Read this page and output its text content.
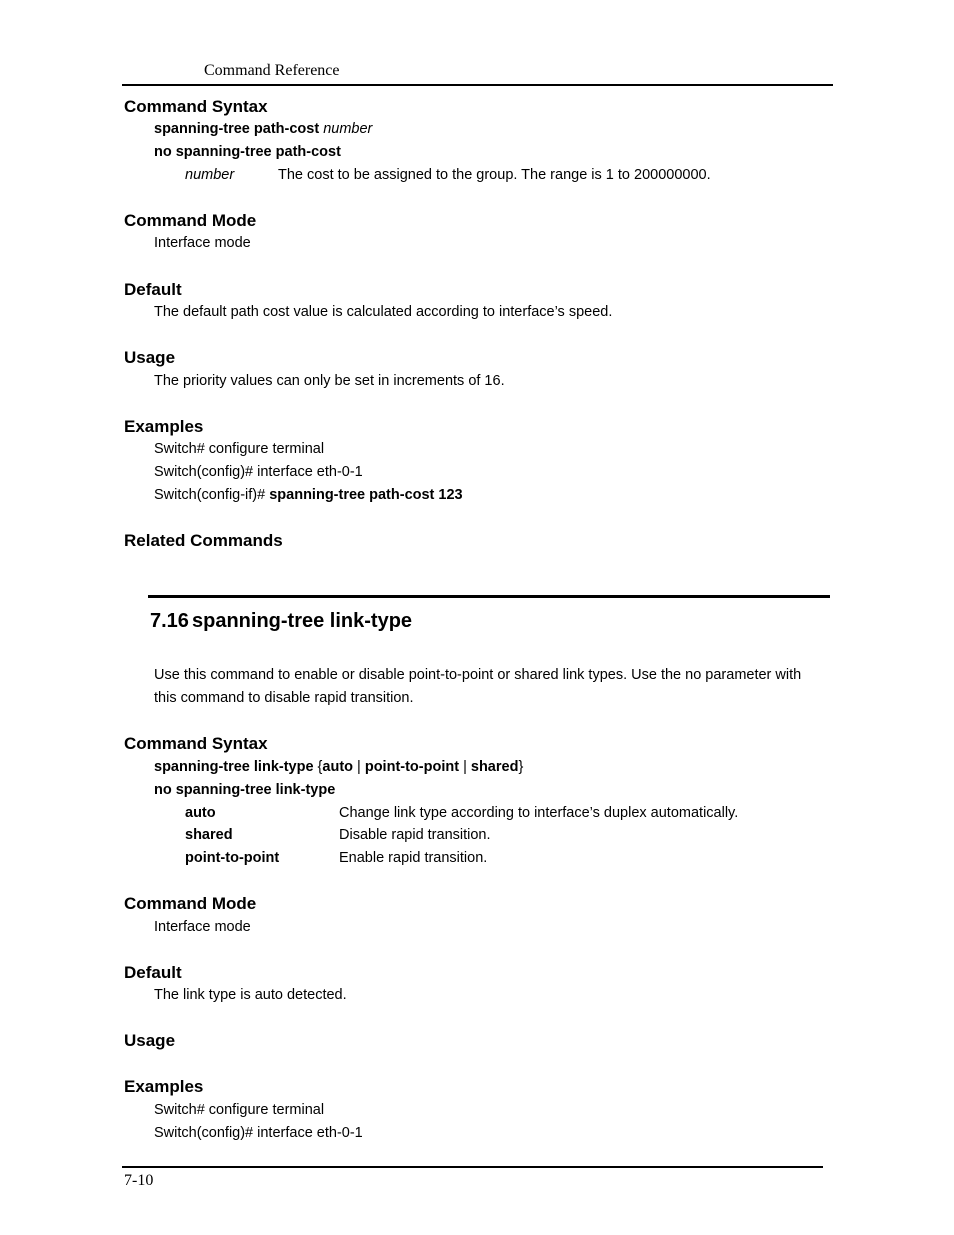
Command Reference
Command Syntax
spanning-tree path-cost number
no spanning-tree path-cost
number	The cost to be assigned to the group. The range is 1 to 200000000.
Command Mode
Interface mode
Default
The default path cost value is calculated according to interface’s speed.
Usage
The priority values can only be set in increments of 16.
Examples
Switch# configure terminal
Switch(config)# interface eth-0-1
Switch(config-if)# spanning-tree path-cost 123
Related Commands
7.16 spanning-tree link-type
Use this command to enable or disable point-to-point or shared link types. Use the no parameter with
this command to disable rapid transition.
Command Syntax
spanning-tree link-type {auto | point-to-point | shared}
no spanning-tree link-type
auto	Change link type according to interface’s duplex automatically.
shared	Disable rapid transition.
point-to-point	Enable rapid transition.
Command Mode
Interface mode
Default
The link type is auto detected.
Usage
Examples
Switch# configure terminal
Switch(config)# interface eth-0-1
7-10
